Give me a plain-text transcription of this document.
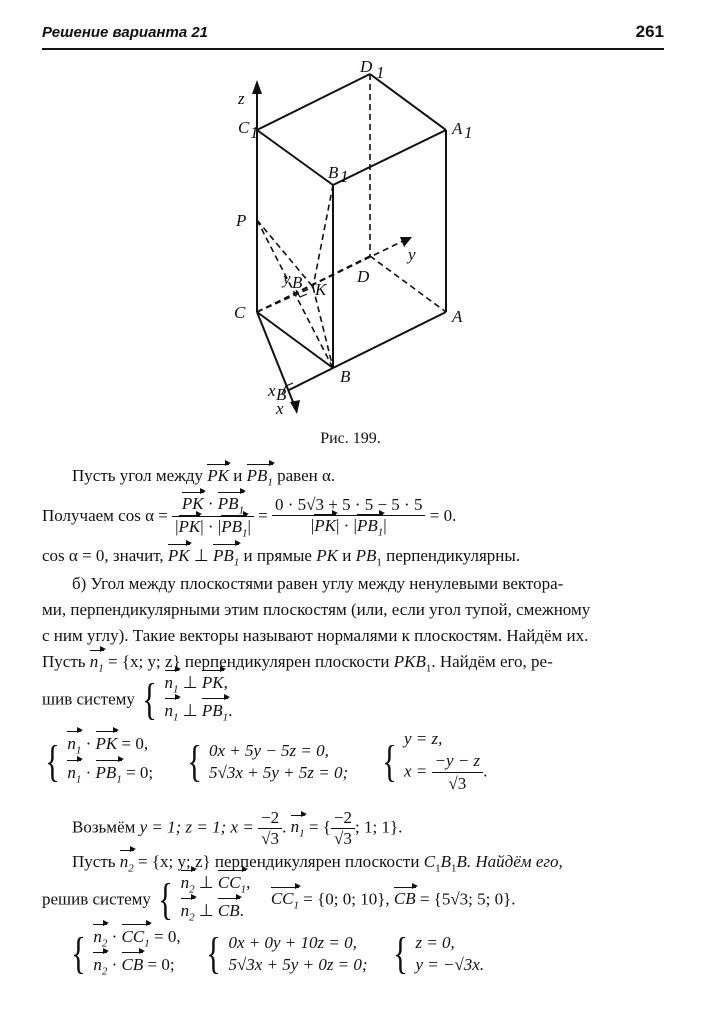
Решение варианта 21	261
D 1
A 1
C 1
B 1
P
C	A
B
D
K
y B
x B
z
y
x
Рис. 199.
Пусть угол между PK и $PB_1$ равен α.
Получаем $\cos \alpha = \frac{PK \cdot PB_1}{|PK| \cdot |PB_1|} = \frac{0 \cdot 5√3 + 5 \cdot 5 - 5 \cdot 5}{|PK| \cdot |PB_1|} = 0$.
cos α = 0, значит, PK ⊥ $PB_1$ и прямые PK и $PB_1$ перпендикулярны.
б) Угол между плоскостями равен углу между ненулевыми вектора-
ми, перпендикулярными этим плоскостям (или, если угол тупой, смежному
с ним углу). Такие векторы называют нормалями к плоскостям. Найдём их.
Пусть $n_1 = \{x$; y; z} перпендикулярен плоскости $PKB_1$. Найдём его, ре-
шив систему { $n_1$ ⊥ PK,
$n_1$ ⊥ $PB_1$.
{ $n_1$ · PK = 0,
$n_1 \cdot PB_1 = 0$; { 0x + 5y − 5z = 0,
5√3x + 5y + 5z = 0; { y = z,
$x = \frac{-y - z}{√3}$ .
Возьмём y = 1; z = 1; $x = \frac{-2}{√3}$ . $n_1$ = { $\frac{-2}{√3}$ ; 1; 1}.
Пусть $n_2 = \{x$; y; z} перпендикулярен плоскости $C_1B_1B$. Найдём его,
решив систему { $n_2$ ⊥ $CC_1$,
$n_2$ ⊥ CB.
$CC_1 = \{0$; 0; 10}, CB = {5√3; 5; 0}.
{ $n_2 \cdot CC_1 = 0$,
$n_2$ · CB = 0; { 0x + 0y + 10z = 0,
5√3x + 5y + 0z = 0; { z = 0,
y = −√3x.
